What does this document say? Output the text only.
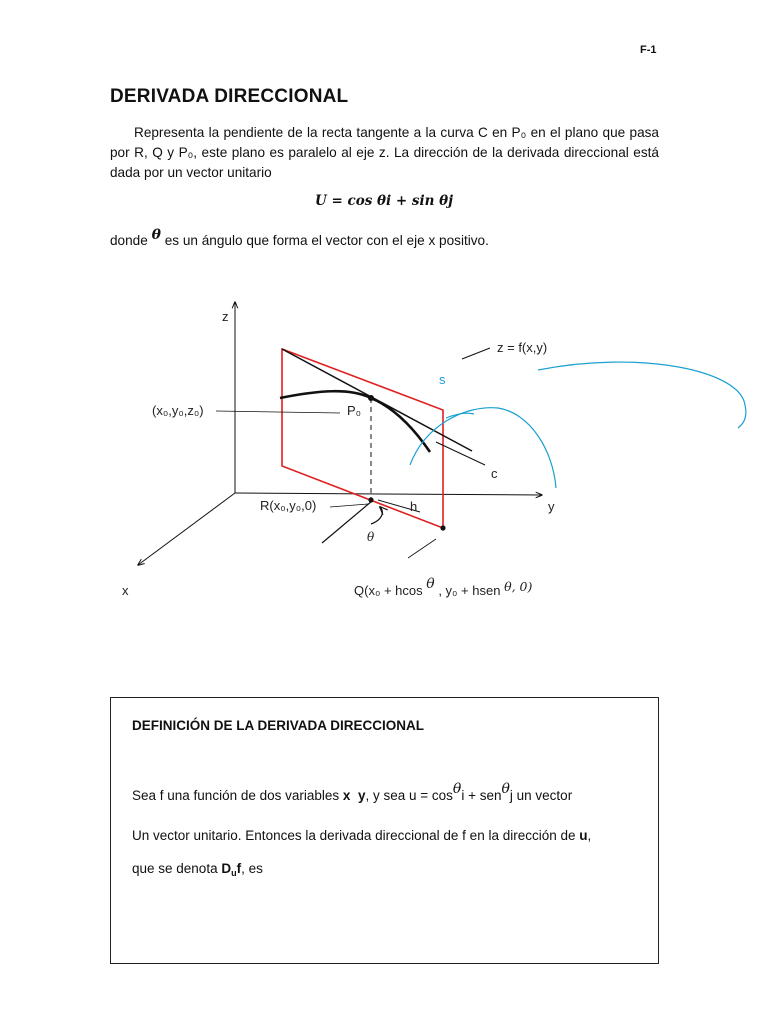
F-1
DERIVADA DIRECCIONAL
Representa la pendiente de la recta tangente a la curva C en P₀ en el plano que pasa por R, Q y P₀, este plano es paralelo al eje z. La dirección de la derivada direccional está dada por un vector unitario
U = cos θi + sin θj
donde θ es un ángulo que forma el vector con el eje x positivo.
z
y
x
z = f(x,y)
s
(x₀,y₀,z₀)	P₀
c
R(x₀,y₀,0)	h
θ
Q(x₀ + hcos θ , y₀ + hsen θ, 0)
DEFINICIÓN DE LA DERIVADA DIRECCIONAL
Sea f una función de dos variables x y, y sea u = cosθi + senθj un vector
Un vector unitario. Entonces la derivada direccional de f en la dirección de u,
que se denota $D_uf$, es
